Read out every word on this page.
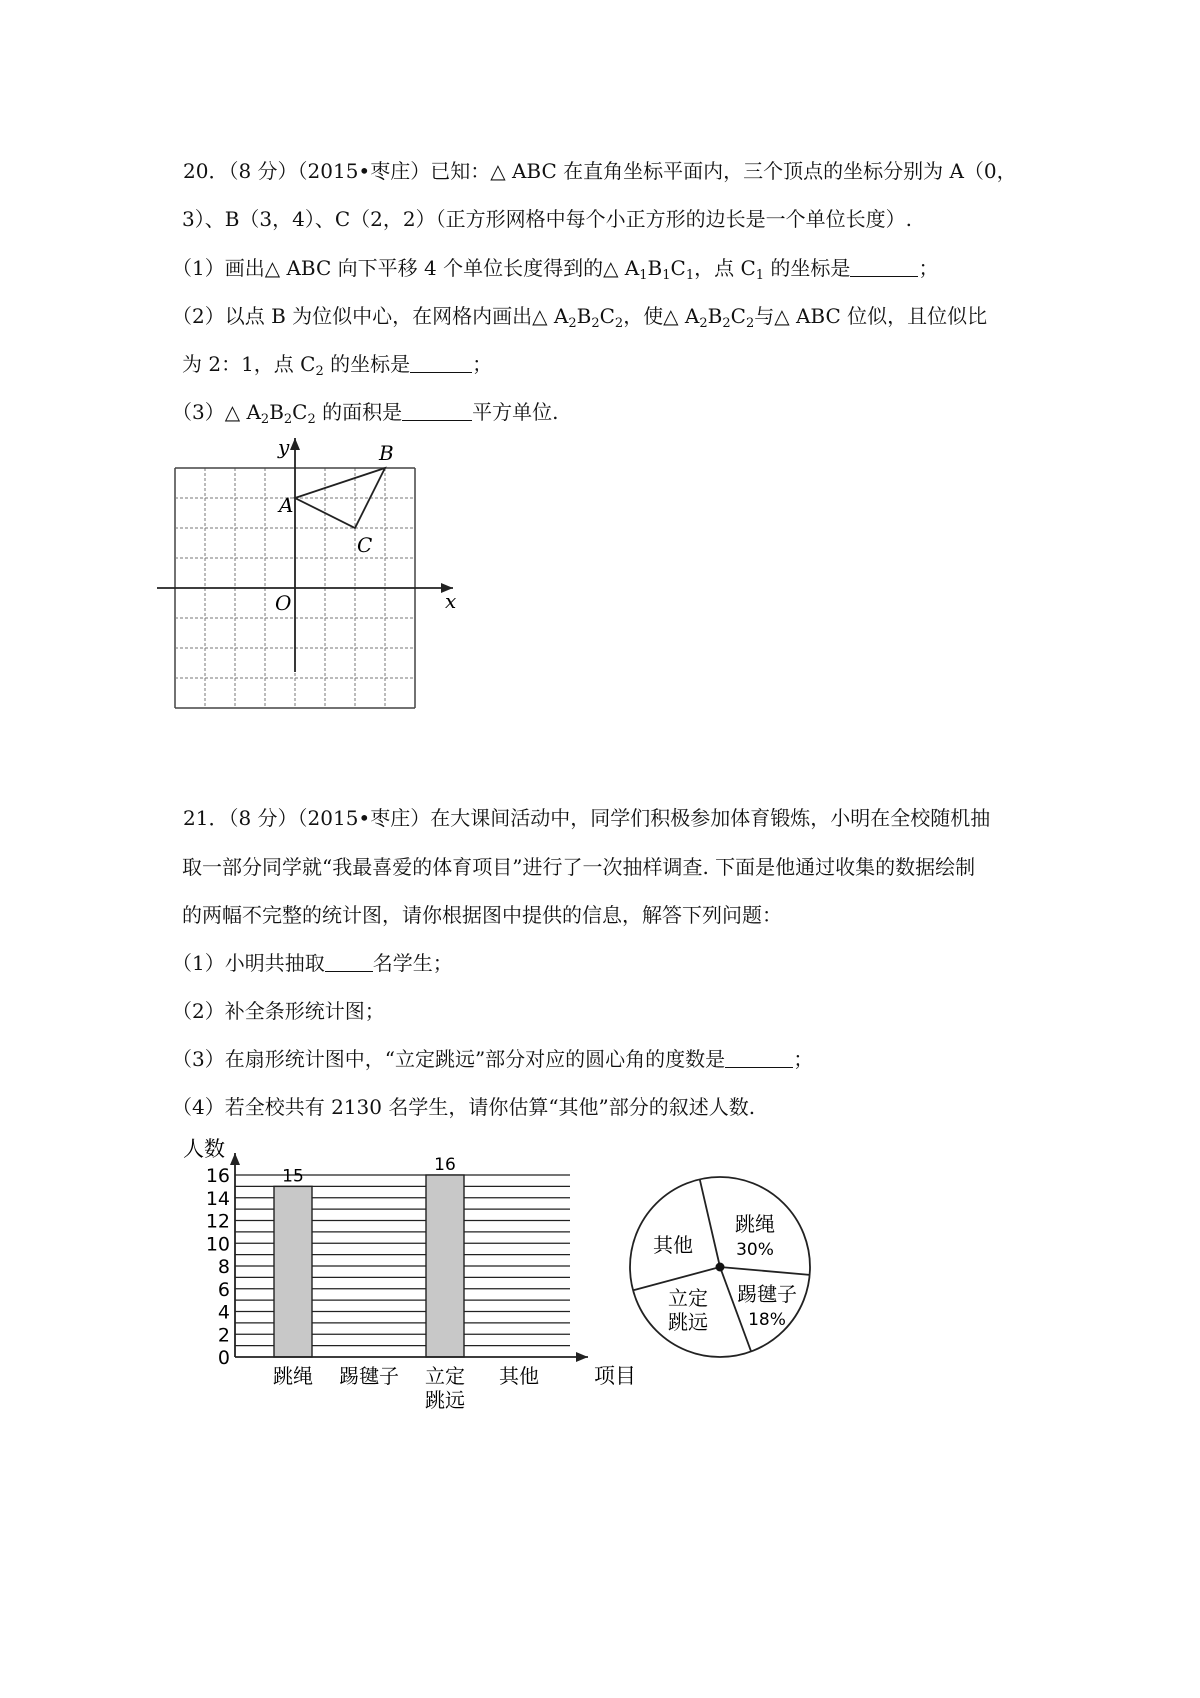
20．（8 分）（2015•枣庄）已知：△ ABC 在直角坐标平面内，三个顶点的坐标分别为 A（0，
3）、B（3，4）、C（2，2）（正方形网格中每个小正方形的边长是一个单位长度）.
（1）画出△ ABC 向下平移 4 个单位长度得到的△ $A_1B_1C_1$，点 $C_1$ 的坐标是	；
（2）以点 B 为位似中心，在网格内画出△ $A_2B_2C_2$，使△ $A_2B_2C_2$与△ ABC 位似，且位似比
为 2：1，点 $C_2$ 的坐标是	；
（3）△ $A_2B_2C_2$ 的面积是	平方单位.
y
x
O
A
B
C
21．（8 分）（2015•枣庄）在大课间活动中，同学们积极参加体育锻炼，小明在全校随机抽
取一部分同学就“我最喜爱的体育项目”进行了一次抽样调查. 下面是他通过收集的数据绘制
的两幅不完整的统计图，请你根据图中提供的信息，解答下列问题：
（1）小明共抽取 名学生；
（2）补全条形统计图；
（3）在扇形统计图中，“立定跳远”部分对应的圆心角的度数是	；
（4）若全校共有 2130 名学生，请你估算“其他”部分的叙述人数.
0
2
4
6
8
10
12
14
16
跳绳 踢毽子 立定
跳远
其他
15
16
人数
项目
跳绳
30%
踢毽子
18%
立定
跳远
其他
